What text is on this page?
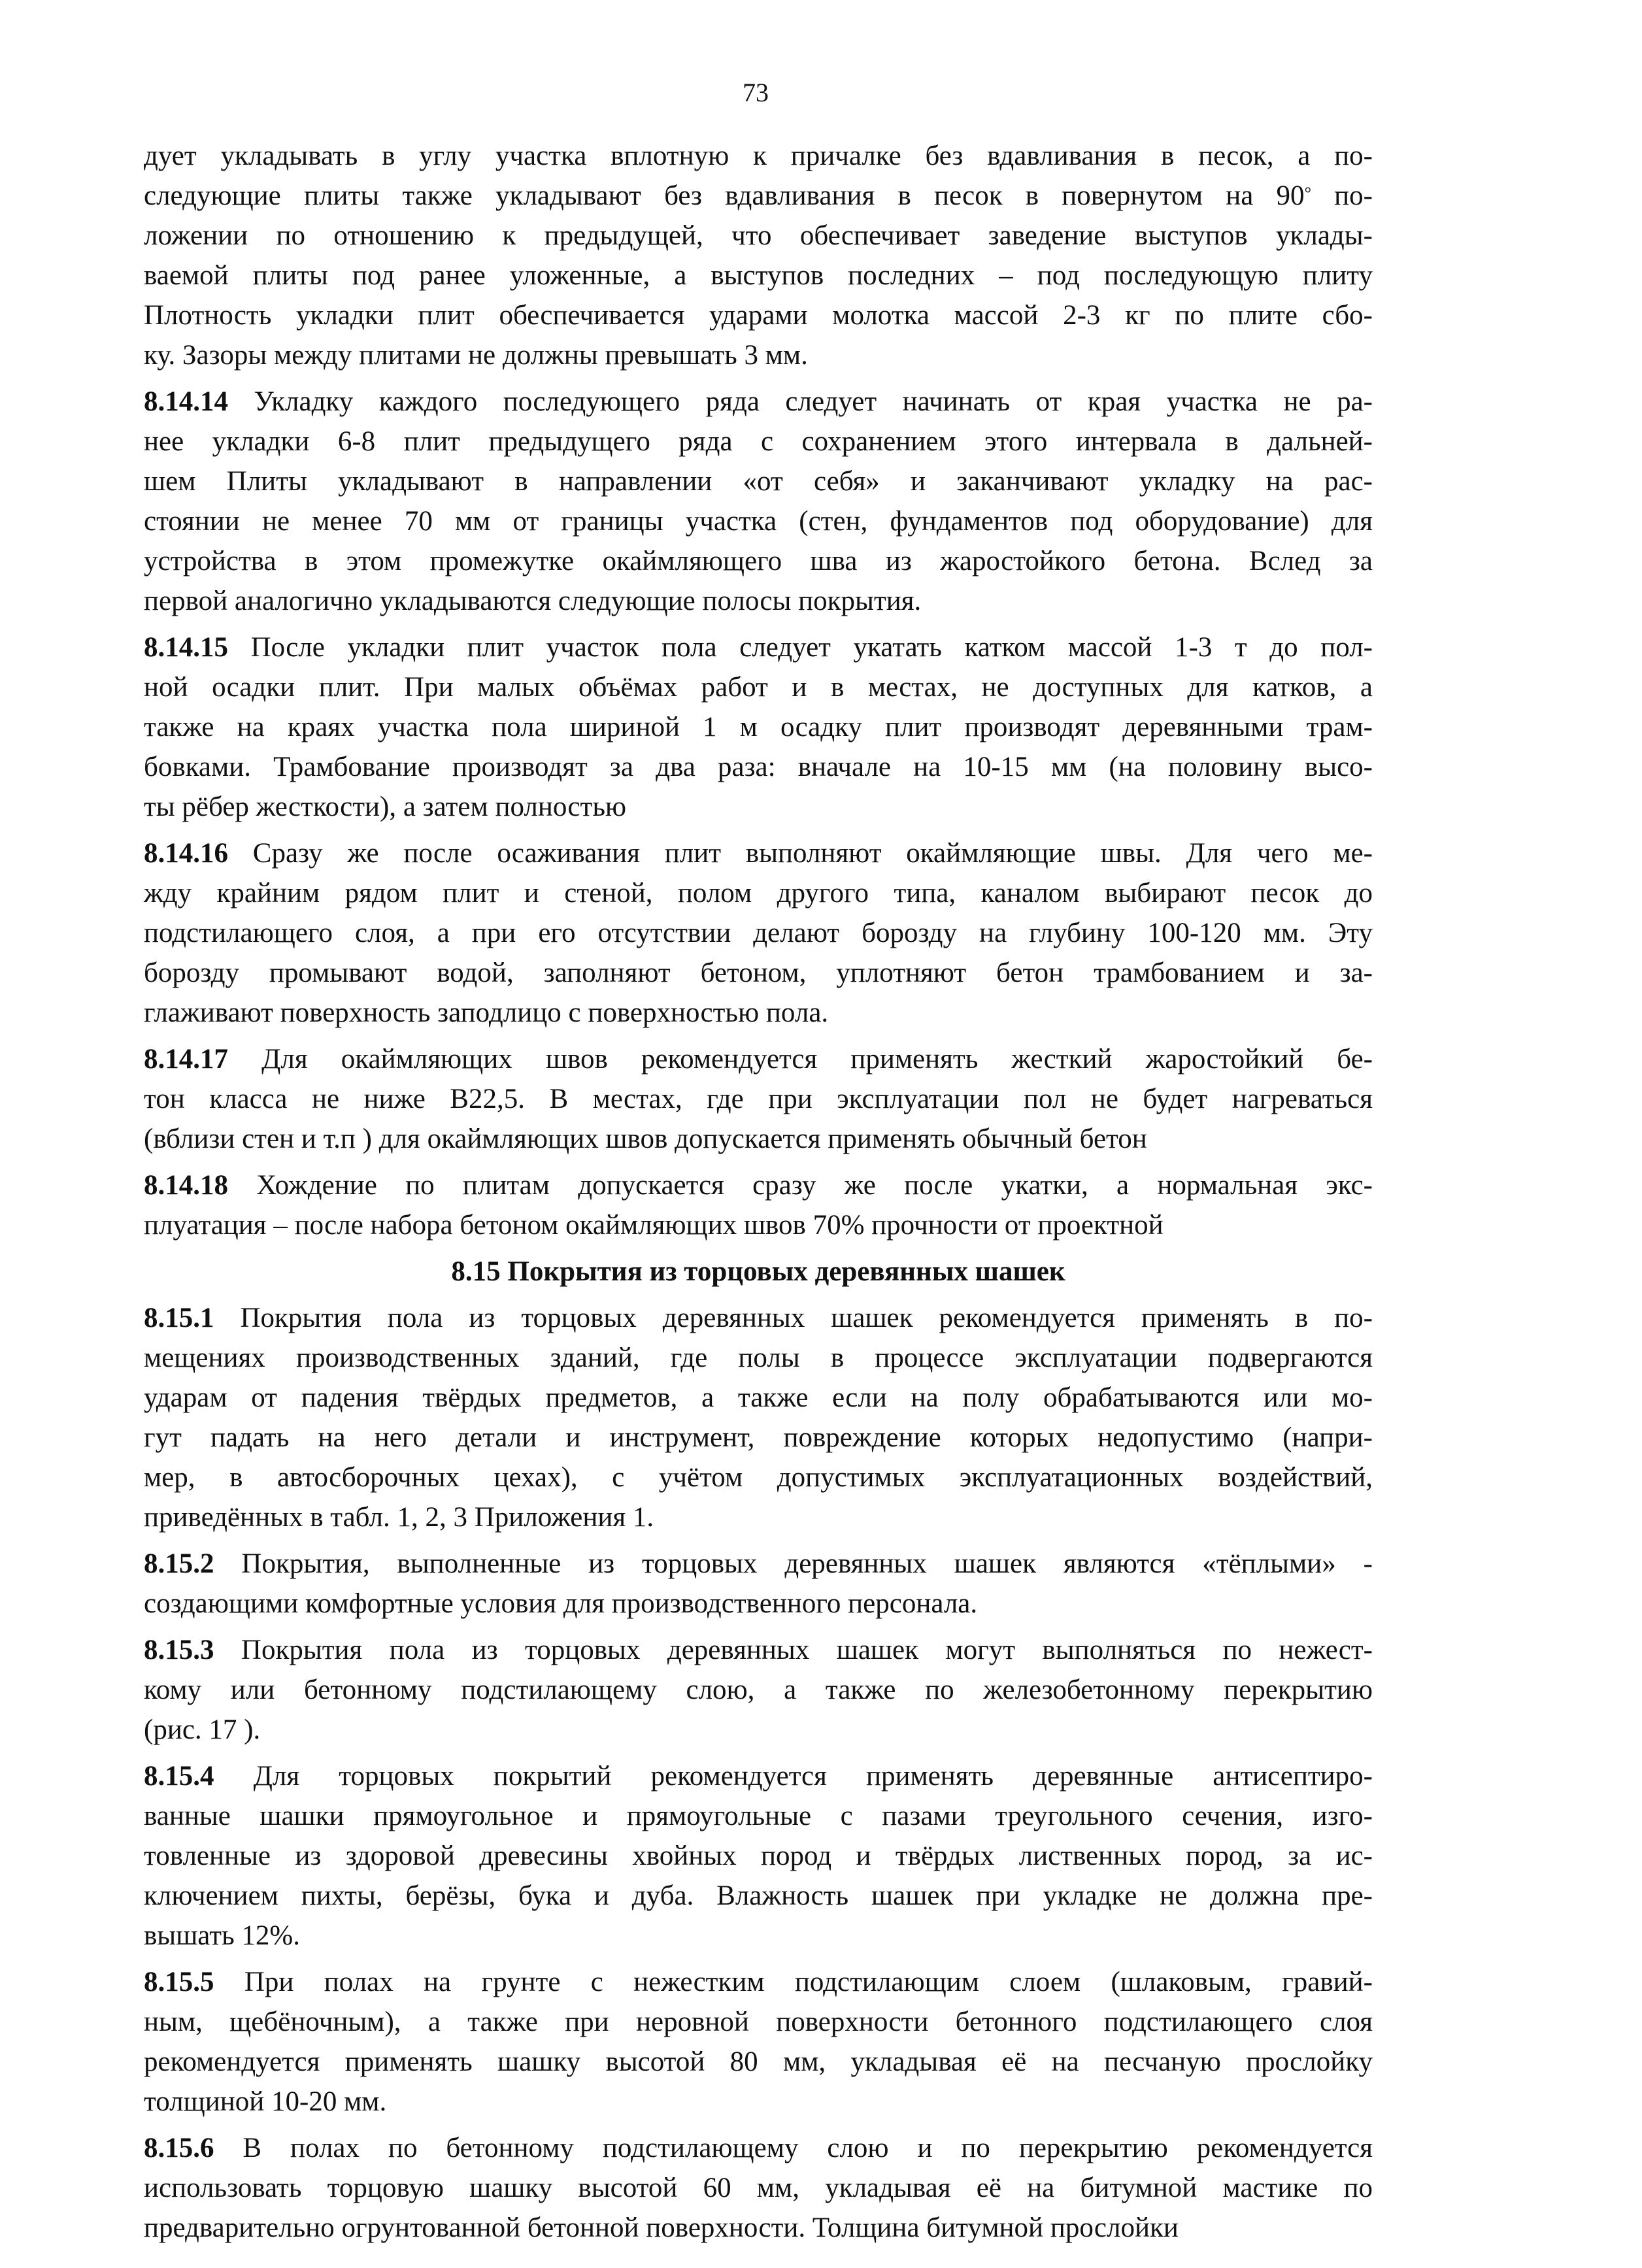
73
дует укладывать в углу участка вплотную к причалке без вдавливания в песок, а по-
следующие плиты также укладывают без вдавливания в песок в повернутом на 90° по-
ложении по отношению к предыдущей, что обеспечивает заведение выступов уклады-
ваемой плиты под ранее уложенные, а выступов последних – под последующую плиту
Плотность укладки плит обеспечивается ударами молотка массой 2-3 кг по плите сбо-
ку. Зазоры между плитами не должны превышать 3 мм.
8.14.14 Укладку каждого последующего ряда следует начинать от края участка не ра-
нее укладки 6-8 плит предыдущего ряда с сохранением этого интервала в дальней-
шем Плиты укладывают в направлении «от себя» и заканчивают укладку на рас-
стоянии не менее 70 мм от границы участка (стен, фундаментов под оборудование) для
устройства в этом промежутке окаймляющего шва из жаростойкого бетона. Вслед за
первой аналогично укладываются следующие полосы покрытия.
8.14.15 После укладки плит участок пола следует укатать катком массой 1-3 т до пол-
ной осадки плит. При малых объёмах работ и в местах, не доступных для катков, а
также на краях участка пола шириной 1 м осадку плит производят деревянными трам-
бовками. Трамбование производят за два раза: вначале на 10-15 мм (на половину высо-
ты рёбер жесткости), а затем полностью
8.14.16 Сразу же после осаживания плит выполняют окаймляющие швы. Для чего ме-
жду крайним рядом плит и стеной, полом другого типа, каналом выбирают песок до
подстилающего слоя, а при его отсутствии делают борозду на глубину 100-120 мм. Эту
борозду промывают водой, заполняют бетоном, уплотняют бетон трамбованием и за-
глаживают поверхность заподлицо с поверхностью пола.
8.14.17 Для окаймляющих швов рекомендуется применять жесткий жаростойкий бе-
тон класса не ниже В22,5. В местах, где при эксплуатации пол не будет нагреваться
(вблизи стен и т.п ) для окаймляющих швов допускается применять обычный бетон
8.14.18 Хождение по плитам допускается сразу же после укатки, а нормальная экс-
плуатация – после набора бетоном окаймляющих швов 70% прочности от проектной
8.15 Покрытия из торцовых деревянных шашек
8.15.1 Покрытия пола из торцовых деревянных шашек рекомендуется применять в по-
мещениях производственных зданий, где полы в процессе эксплуатации подвергаются
ударам от падения твёрдых предметов, а также если на полу обрабатываются или мо-
гут падать на него детали и инструмент, повреждение которых недопустимо (напри-
мер, в автосборочных цехах), с учётом допустимых эксплуатационных воздействий,
приведённых в табл. 1, 2, 3 Приложения 1.
8.15.2 Покрытия, выполненные из торцовых деревянных шашек являются «тёплыми» -
создающими комфортные условия для производственного персонала.
8.15.3 Покрытия пола из торцовых деревянных шашек могут выполняться по нежест-
кому или бетонному подстилающему слою, а также по железобетонному перекрытию
(рис. 17 ).
8.15.4 Для торцовых покрытий рекомендуется применять деревянные антисептиро-
ванные шашки прямоугольное и прямоугольные с пазами треугольного сечения, изго-
товленные из здоровой древесины хвойных пород и твёрдых лиственных пород, за ис-
ключением пихты, берёзы, бука и дуба. Влажность шашек при укладке не должна пре-
вышать 12%.
8.15.5 При полах на грунте с нежестким подстилающим слоем (шлаковым, гравий-
ным, щебёночным), а также при неровной поверхности бетонного подстилающего слоя
рекомендуется применять шашку высотой 80 мм, укладывая её на песчаную прослойку
толщиной 10-20 мм.
8.15.6 В полах по бетонному подстилающему слою и по перекрытию рекомендуется
использовать торцовую шашку высотой 60 мм, укладывая её на битумной мастике по
предварительно огрунтованной бетонной поверхности. Толщина битумной прослойки
